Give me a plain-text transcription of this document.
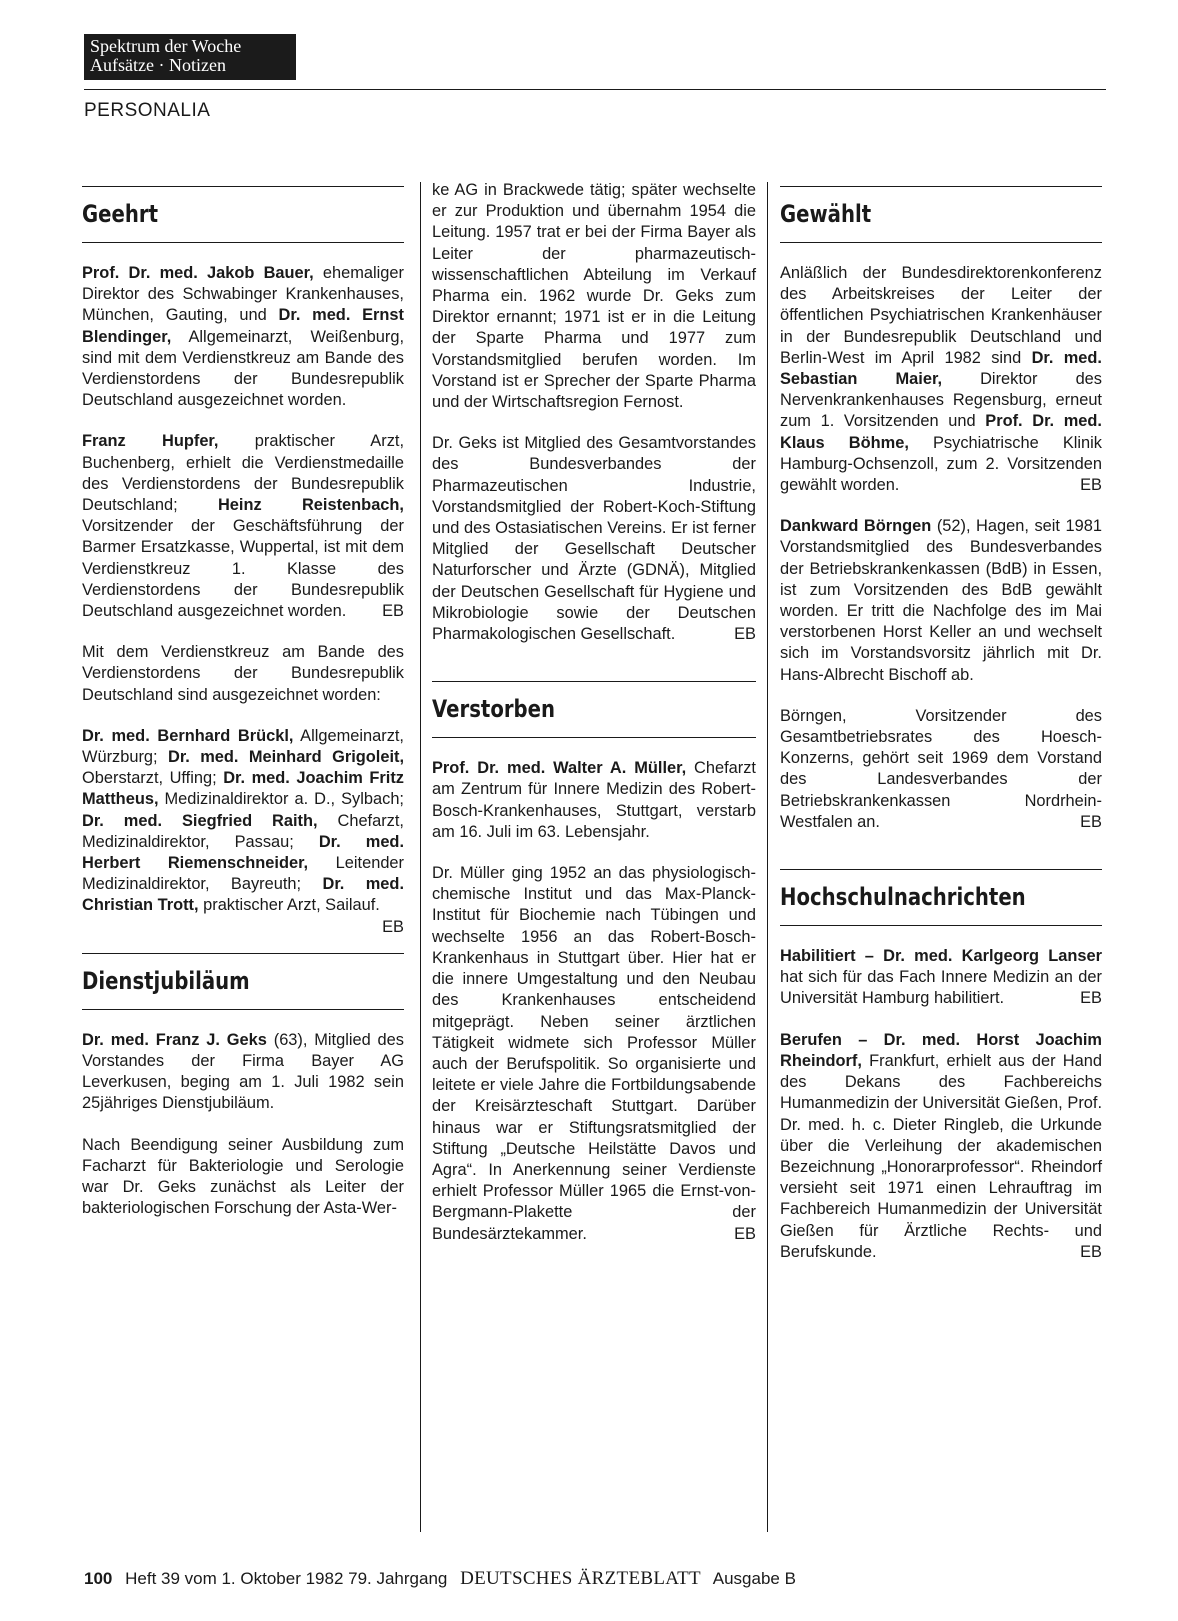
Spektrum der Woche
Aufsätze · Notizen
PERSONALIA
Geehrt

Prof. Dr. med. Jakob Bauer, ehemaliger Direktor des Schwabinger Krankenhauses, München, Gauting, und Dr. med. Ernst Blendinger, Allgemeinarzt, Weißenburg, sind mit dem Verdienstkreuz am Bande des Verdienstordens der Bundesrepublik Deutschland ausgezeichnet worden.

Franz Hupfer, praktischer Arzt, Buchenberg, erhielt die Verdienstmedaille des Verdienstordens der Bundesrepublik Deutschland; Heinz Reistenbach, Vorsitzender der Geschäftsführung der Barmer Ersatzkasse, Wuppertal, ist mit dem Verdienstkreuz 1. Klasse des Verdienstordens der Bundesrepublik Deutschland ausgezeichnet worden. EB

Mit dem Verdienstkreuz am Bande des Verdienstordens der Bundesrepublik Deutschland sind ausgezeichnet worden:

Dr. med. Bernhard Brückl, Allgemeinarzt, Würzburg; Dr. med. Meinhard Grigoleit, Oberstarzt, Uffing; Dr. med. Joachim Fritz Mattheus, Medizinaldirektor a. D., Sylbach; Dr. med. Siegfried Raith, Chefarzt, Medizinaldirektor, Passau; Dr. med. Herbert Riemenschneider, Leitender Medizinaldirektor, Bayreuth; Dr. med. Christian Trott, praktischer Arzt, Sailauf.
EB

Dienstjubiläum

Dr. med. Franz J. Geks (63), Mitglied des Vorstandes der Firma Bayer AG Leverkusen, beging am 1. Juli 1982 sein 25jähriges Dienstjubiläum.

Nach Beendigung seiner Ausbildung zum Facharzt für Bakteriologie und Serologie war Dr. Geks zunächst als Leiter der bakteriologischen Forschung der Asta-Wer-

ke AG in Brackwede tätig; später wechselte er zur Produktion und übernahm 1954 die Leitung. 1957 trat er bei der Firma Bayer als Leiter der pharmazeutisch-wissenschaftlichen Abteilung im Verkauf Pharma ein. 1962 wurde Dr. Geks zum Direktor ernannt; 1971 ist er in die Leitung der Sparte Pharma und 1977 zum Vorstandsmitglied berufen worden. Im Vorstand ist er Sprecher der Sparte Pharma und der Wirtschaftsregion Fernost.

Dr. Geks ist Mitglied des Gesamtvorstandes des Bundesverbandes der Pharmazeutischen Industrie, Vorstandsmitglied der Robert-Koch-Stiftung und des Ostasiatischen Vereins. Er ist ferner Mitglied der Gesellschaft Deutscher Naturforscher und Ärzte (GDNÄ), Mitglied der Deutschen Gesellschaft für Hygiene und Mikrobiologie sowie der Deutschen Pharmakologischen Gesellschaft.	EB

Verstorben

Prof. Dr. med. Walter A. Müller, Chefarzt am Zentrum für Innere Medizin des Robert-Bosch-Krankenhauses, Stuttgart, verstarb am 16. Juli im 63. Lebensjahr.

Dr. Müller ging 1952 an das physiologisch-chemische Institut und das Max-Planck-Institut für Biochemie nach Tübingen und wechselte 1956 an das Robert-Bosch-Krankenhaus in Stuttgart über. Hier hat er die innere Umgestaltung und den Neubau des Krankenhauses entscheidend mitgeprägt. Neben seiner ärztlichen Tätigkeit widmete sich Professor Müller auch der Berufspolitik. So organisierte und leitete er viele Jahre die Fortbildungsabende der Kreisärzteschaft Stuttgart. Darüber hinaus war er Stiftungsratsmitglied der Stiftung „Deutsche Heilstätte Davos und Agra“. In Anerkennung seiner Verdienste erhielt Professor Müller 1965 die Ernst-von-Bergmann-Plakette der Bundesärztekammer.	EB

Gewählt

Anläßlich der Bundesdirektorenkonferenz des Arbeitskreises der Leiter der öffentlichen Psychiatrischen Krankenhäuser in der Bundesrepublik Deutschland und Berlin-West im April 1982 sind Dr. med. Sebastian Maier, Direktor des Nervenkrankenhauses Regensburg, erneut zum 1. Vorsitzenden und Prof. Dr. med. Klaus Böhme, Psychiatrische Klinik Hamburg-Ochsenzoll, zum 2. Vorsitzenden gewählt worden.	EB

Dankward Börngen (52), Hagen, seit 1981 Vorstandsmitglied des Bundesverbandes der Betriebskrankenkassen (BdB) in Essen, ist zum Vorsitzenden des BdB gewählt worden. Er tritt die Nachfolge des im Mai verstorbenen Horst Keller an und wechselt sich im Vorstandsvorsitz jährlich mit Dr. Hans-Albrecht Bischoff ab.

Börngen, Vorsitzender des Gesamtbetriebsrates des Hoesch-Konzerns, gehört seit 1969 dem Vorstand des Landesverbandes der Betriebskrankenkassen Nordrhein-Westfalen an.	EB

Hochschulnachrichten

Habilitiert – Dr. med. Karlgeorg Lanser hat sich für das Fach Innere Medizin an der Universität Hamburg habilitiert.	EB

Berufen – Dr. med. Horst Joachim Rheindorf, Frankfurt, erhielt aus der Hand des Dekans des Fachbereichs Humanmedizin der Universität Gießen, Prof. Dr. med. h. c. Dieter Ringleb, die Urkunde über die Verleihung der akademischen Bezeichnung „Honorarprofessor“. Rheindorf versieht seit 1971 einen Lehrauftrag im Fachbereich Humanmedizin der Universität Gießen für Ärztliche Rechts- und Berufskunde.	EB

100 Heft 39 vom 1. Oktober 1982 79. Jahrgang DEUTSCHES ÄRZTEBLATT Ausgabe B
